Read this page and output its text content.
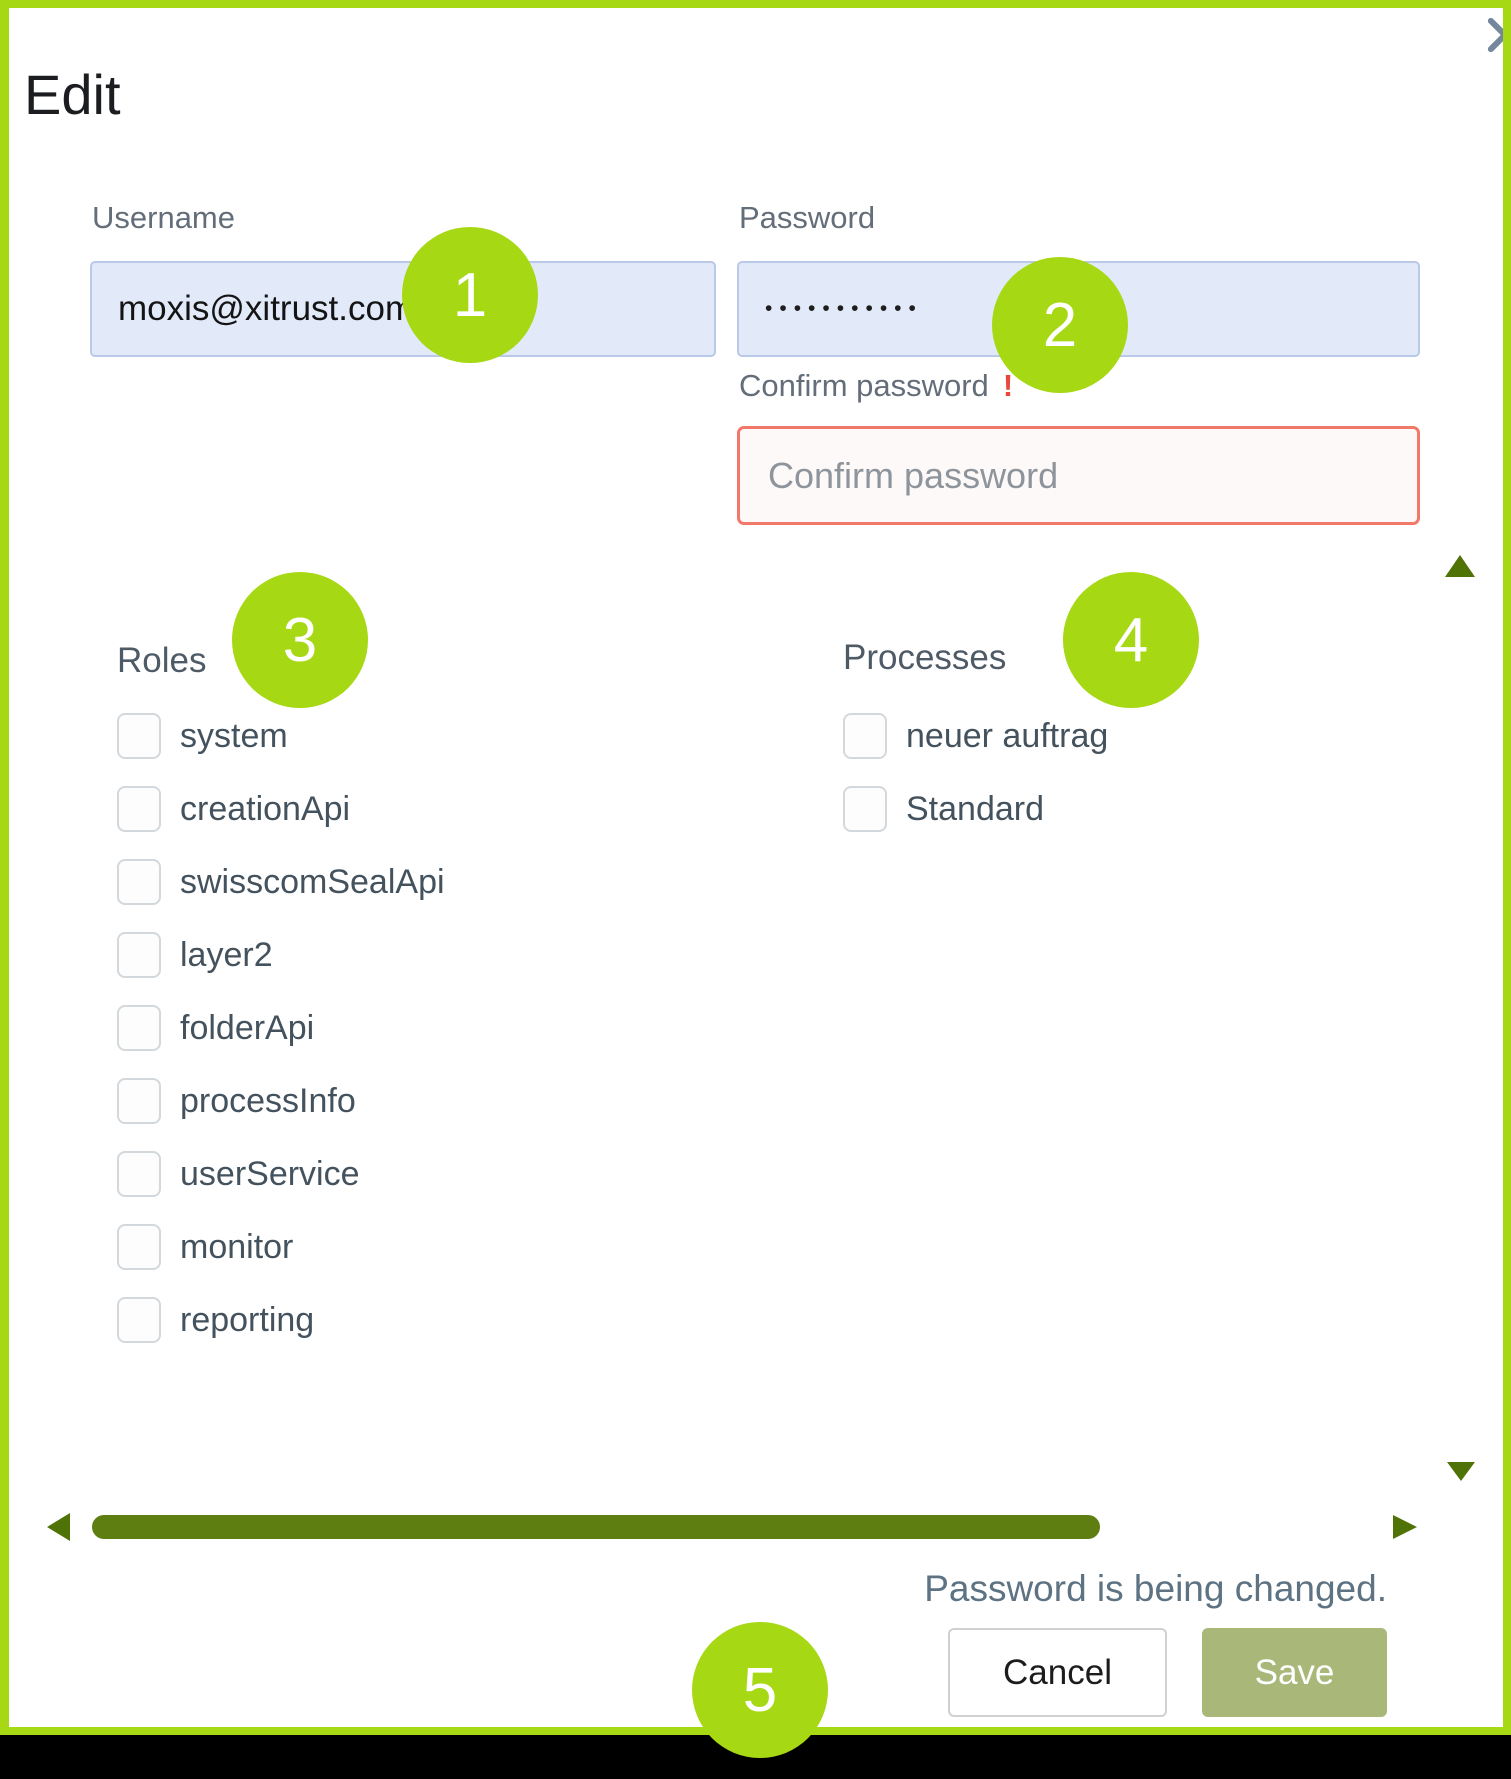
Edit
Username
moxis@xitrust.com	Password
•••••••••••
Confirm password !
Confirm password
Roles
system
creationApi
swisscomSealApi
layer2
folderApi
processInfo
userService
monitor
reporting
Processes
neuer auftrag
Standard
Password is being changed.
Cancel	Save
1	2
3	4
5
